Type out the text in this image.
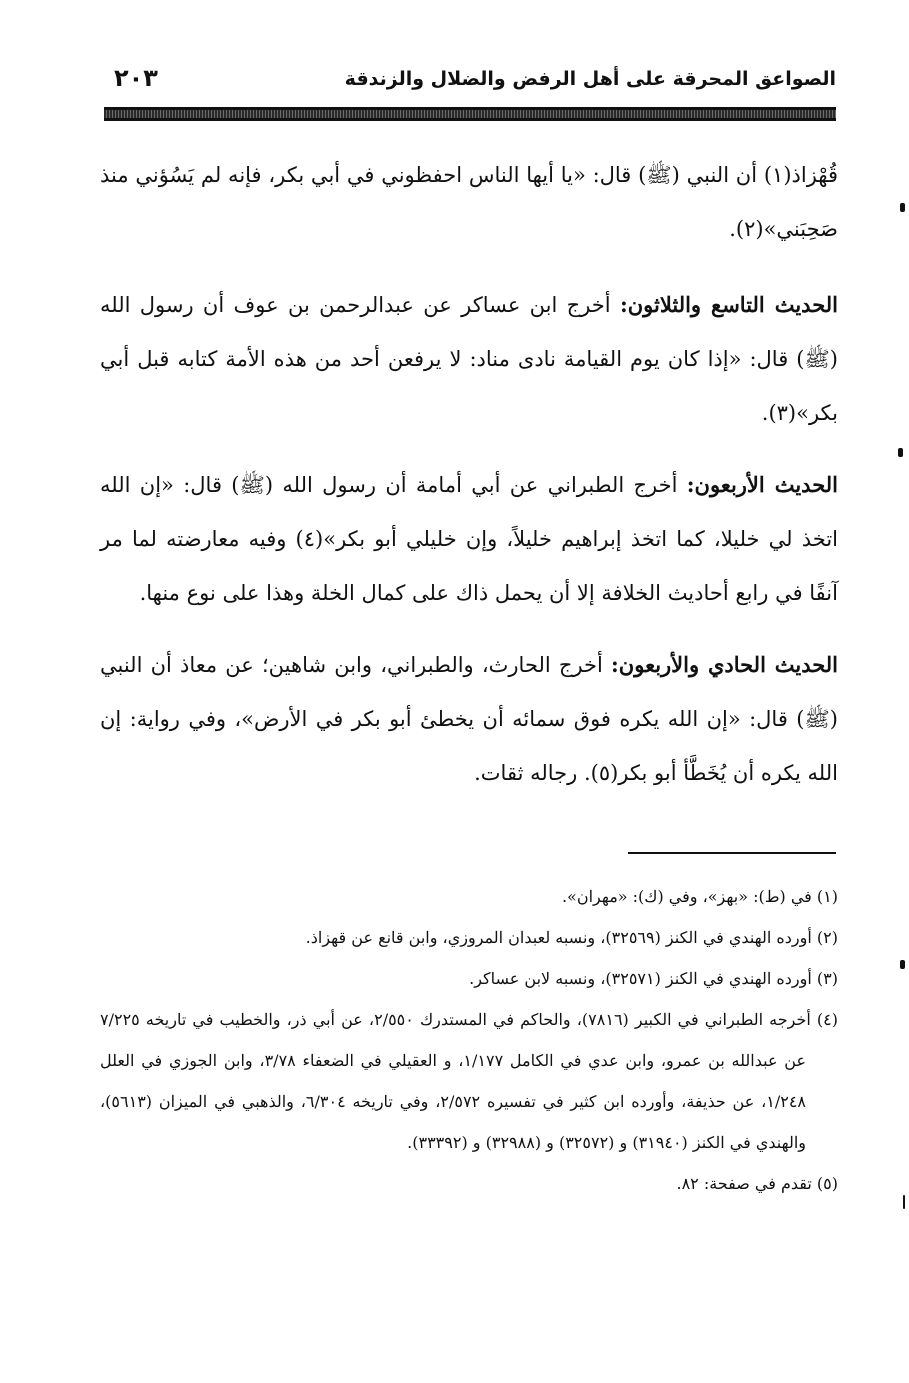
الصواعق المحرقة على أهل الرفض والضلال والزندقة
٢٠٣

قُهْزاذ(١) أن النبي (ﷺ) قال: «يا أيها الناس احفظوني في أبي بكر، فإنه لم يَسُؤني منذ صَحِبَني»(٢).

الحديث التاسع والثلاثون: أخرج ابن عساكر عن عبدالرحمن بن عوف أن رسول الله (ﷺ) قال: «إذا كان يوم القيامة نادى مناد: لا يرفعن أحد من هذه الأمة كتابه قبل أبي بكر»(٣).

الحديث الأربعون: أخرج الطبراني عن أبي أمامة أن رسول الله (ﷺ) قال: «إن الله اتخذ لي خليلا، كما اتخذ إبراهيم خليلاً، وإن خليلي أبو بكر»(٤) وفيه معارضته لما مر آنفًا في رابع أحاديث الخلافة إلا أن يحمل ذاك على كمال الخلة وهذا على نوع منها.

الحديث الحادي والأربعون: أخرج الحارث، والطبراني، وابن شاهين؛ عن معاذ أن النبي (ﷺ) قال: «إن الله يكره فوق سمائه أن يخطئ أبو بكر في الأرض»، وفي رواية: إن الله يكره أن يُخَطَّأ أبو بكر(٥). رجاله ثقات.

(١) في (ط): «بهز»، وفي (ك): «مهران».

(٢) أورده الهندي في الكنز (٣٢٥٦٩)، ونسبه لعبدان المروزي، وابن قانع عن قهزاذ.

(٣) أورده الهندي في الكنز (٣٢٥٧١)، ونسبه لابن عساكر.

(٤) أخرجه الطبراني في الكبير (٧٨١٦)، والحاكم في المستدرك ٢/٥٥٠، عن أبي ذر، والخطيب في تاريخه ٧/٢٢٥ عن عبدالله بن عمرو، وابن عدي في الكامل ١/١٧٧، و العقيلي في الضعفاء ٣/٧٨، وابن الجوزي في العلل ١/٢٤٨، عن حذيفة، وأورده ابن كثير في تفسيره ٢/٥٧٢، وفي تاريخه ٦/٣٠٤، والذهبي في الميزان (٥٦١٣)، والهندي في الكنز (٣١٩٤٠) و (٣٢٥٧٢) و (٣٢٩٨٨) و (٣٣٣٩٢).

(٥) تقدم في صفحة: ٨٢.
